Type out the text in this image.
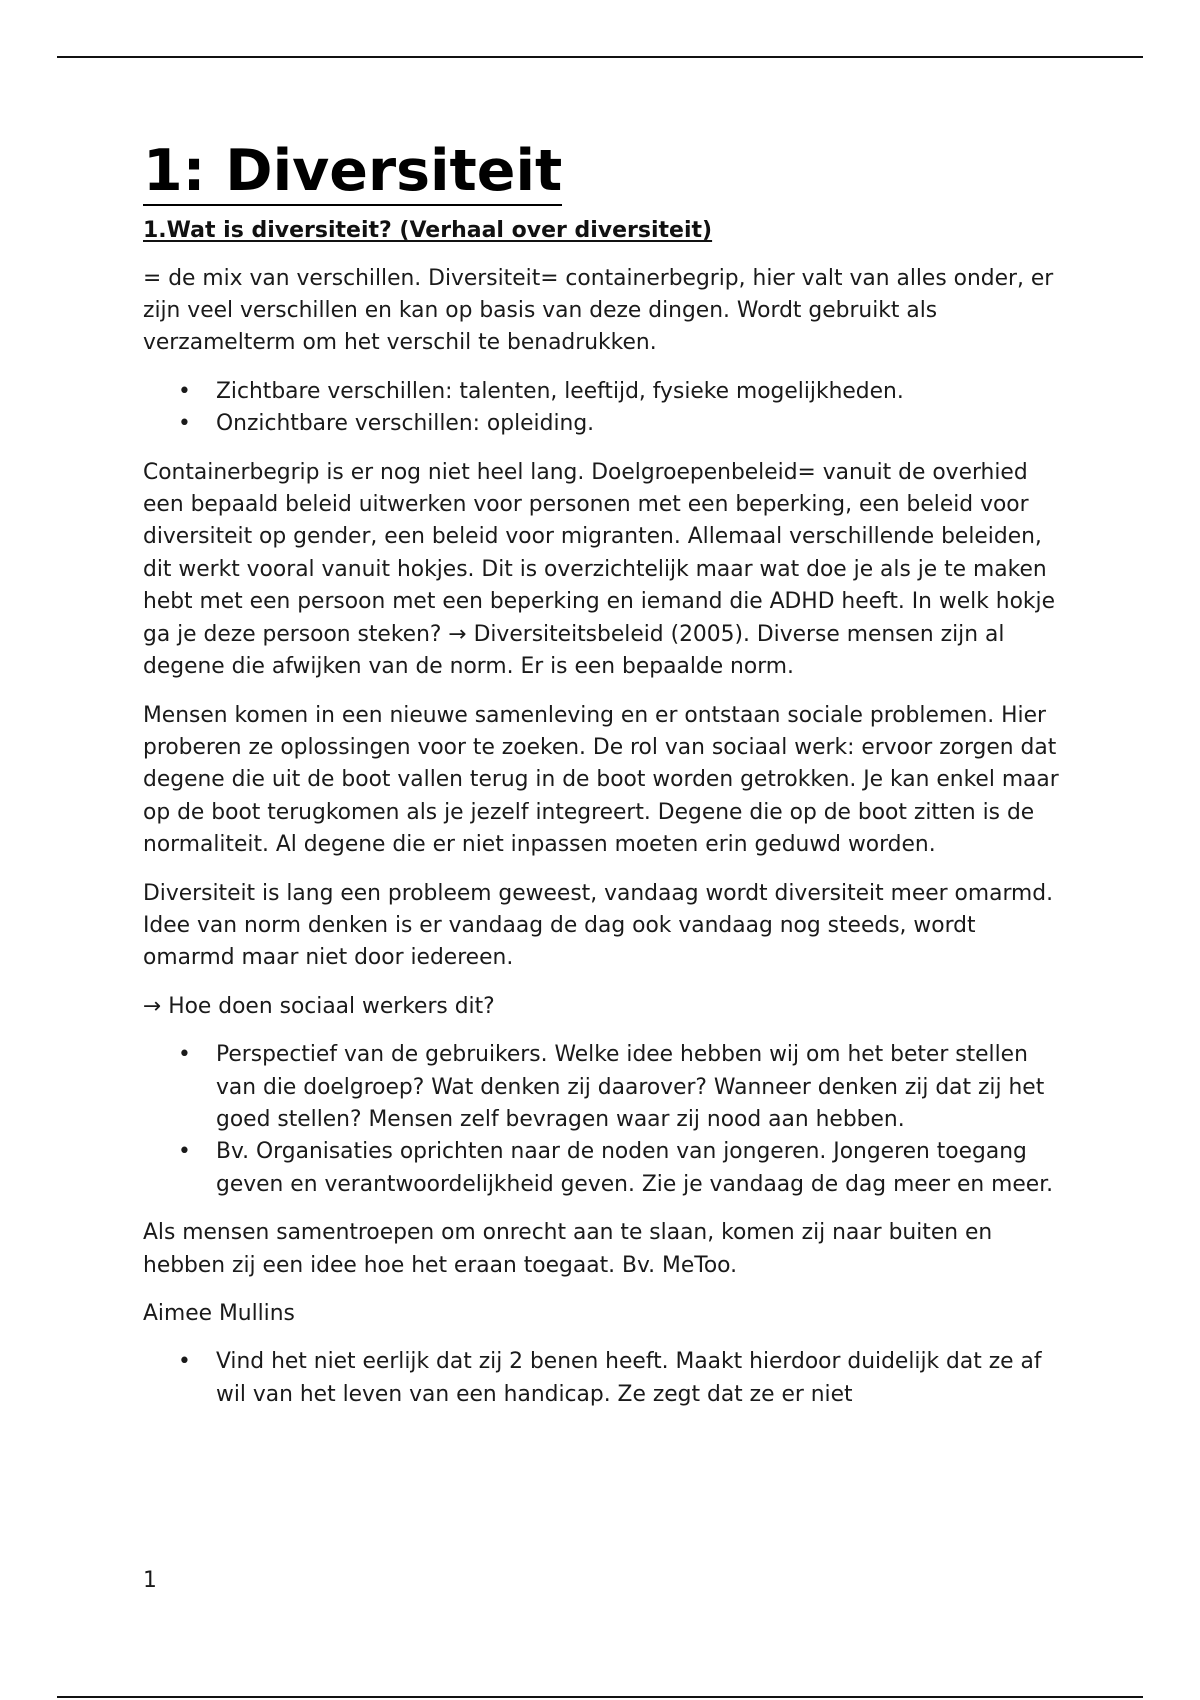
1: Diversiteit
1.Wat is diversiteit? (Verhaal over diversiteit)

= de mix van verschillen. Diversiteit= containerbegrip, hier valt van alles onder, er zijn veel verschillen en kan op basis van deze dingen. Wordt gebruikt als verzamelterm om het verschil te benadrukken.

• Zichtbare verschillen: talenten, leeftijd, fysieke mogelijkheden.
• Onzichtbare verschillen: opleiding.

Containerbegrip is er nog niet heel lang. Doelgroepenbeleid= vanuit de overhied een bepaald beleid uitwerken voor personen met een beperking, een beleid voor diversiteit op gender, een beleid voor migranten. Allemaal verschillende beleiden, dit werkt vooral vanuit hokjes. Dit is overzichtelijk maar wat doe je als je te maken hebt met een persoon met een beperking en iemand die ADHD heeft. In welk hokje ga je deze persoon steken? → Diversiteitsbeleid (2005). Diverse mensen zijn al degene die afwijken van de norm. Er is een bepaalde norm.

Mensen komen in een nieuwe samenleving en er ontstaan sociale problemen. Hier proberen ze oplossingen voor te zoeken. De rol van sociaal werk: ervoor zorgen dat degene die uit de boot vallen terug in de boot worden getrokken. Je kan enkel maar op de boot terugkomen als je jezelf integreert. Degene die op de boot zitten is de normaliteit. Al degene die er niet inpassen moeten erin geduwd worden.

Diversiteit is lang een probleem geweest, vandaag wordt diversiteit meer omarmd. Idee van norm denken is er vandaag de dag ook vandaag nog steeds, wordt omarmd maar niet door iedereen.

→ Hoe doen sociaal werkers dit?

• Perspectief van de gebruikers. Welke idee hebben wij om het beter stellen van die doelgroep? Wat denken zij daarover? Wanneer denken zij dat zij het goed stellen? Mensen zelf bevragen waar zij nood aan hebben.
• Bv. Organisaties oprichten naar de noden van jongeren. Jongeren toegang geven en verantwoordelijkheid geven. Zie je vandaag de dag meer en meer.

Als mensen samentroepen om onrecht aan te slaan, komen zij naar buiten en hebben zij een idee hoe het eraan toegaat. Bv. MeToo.

Aimee Mullins

• Vind het niet eerlijk dat zij 2 benen heeft. Maakt hierdoor duidelijk dat ze af wil van het leven van een handicap. Ze zegt dat ze er niet
1
